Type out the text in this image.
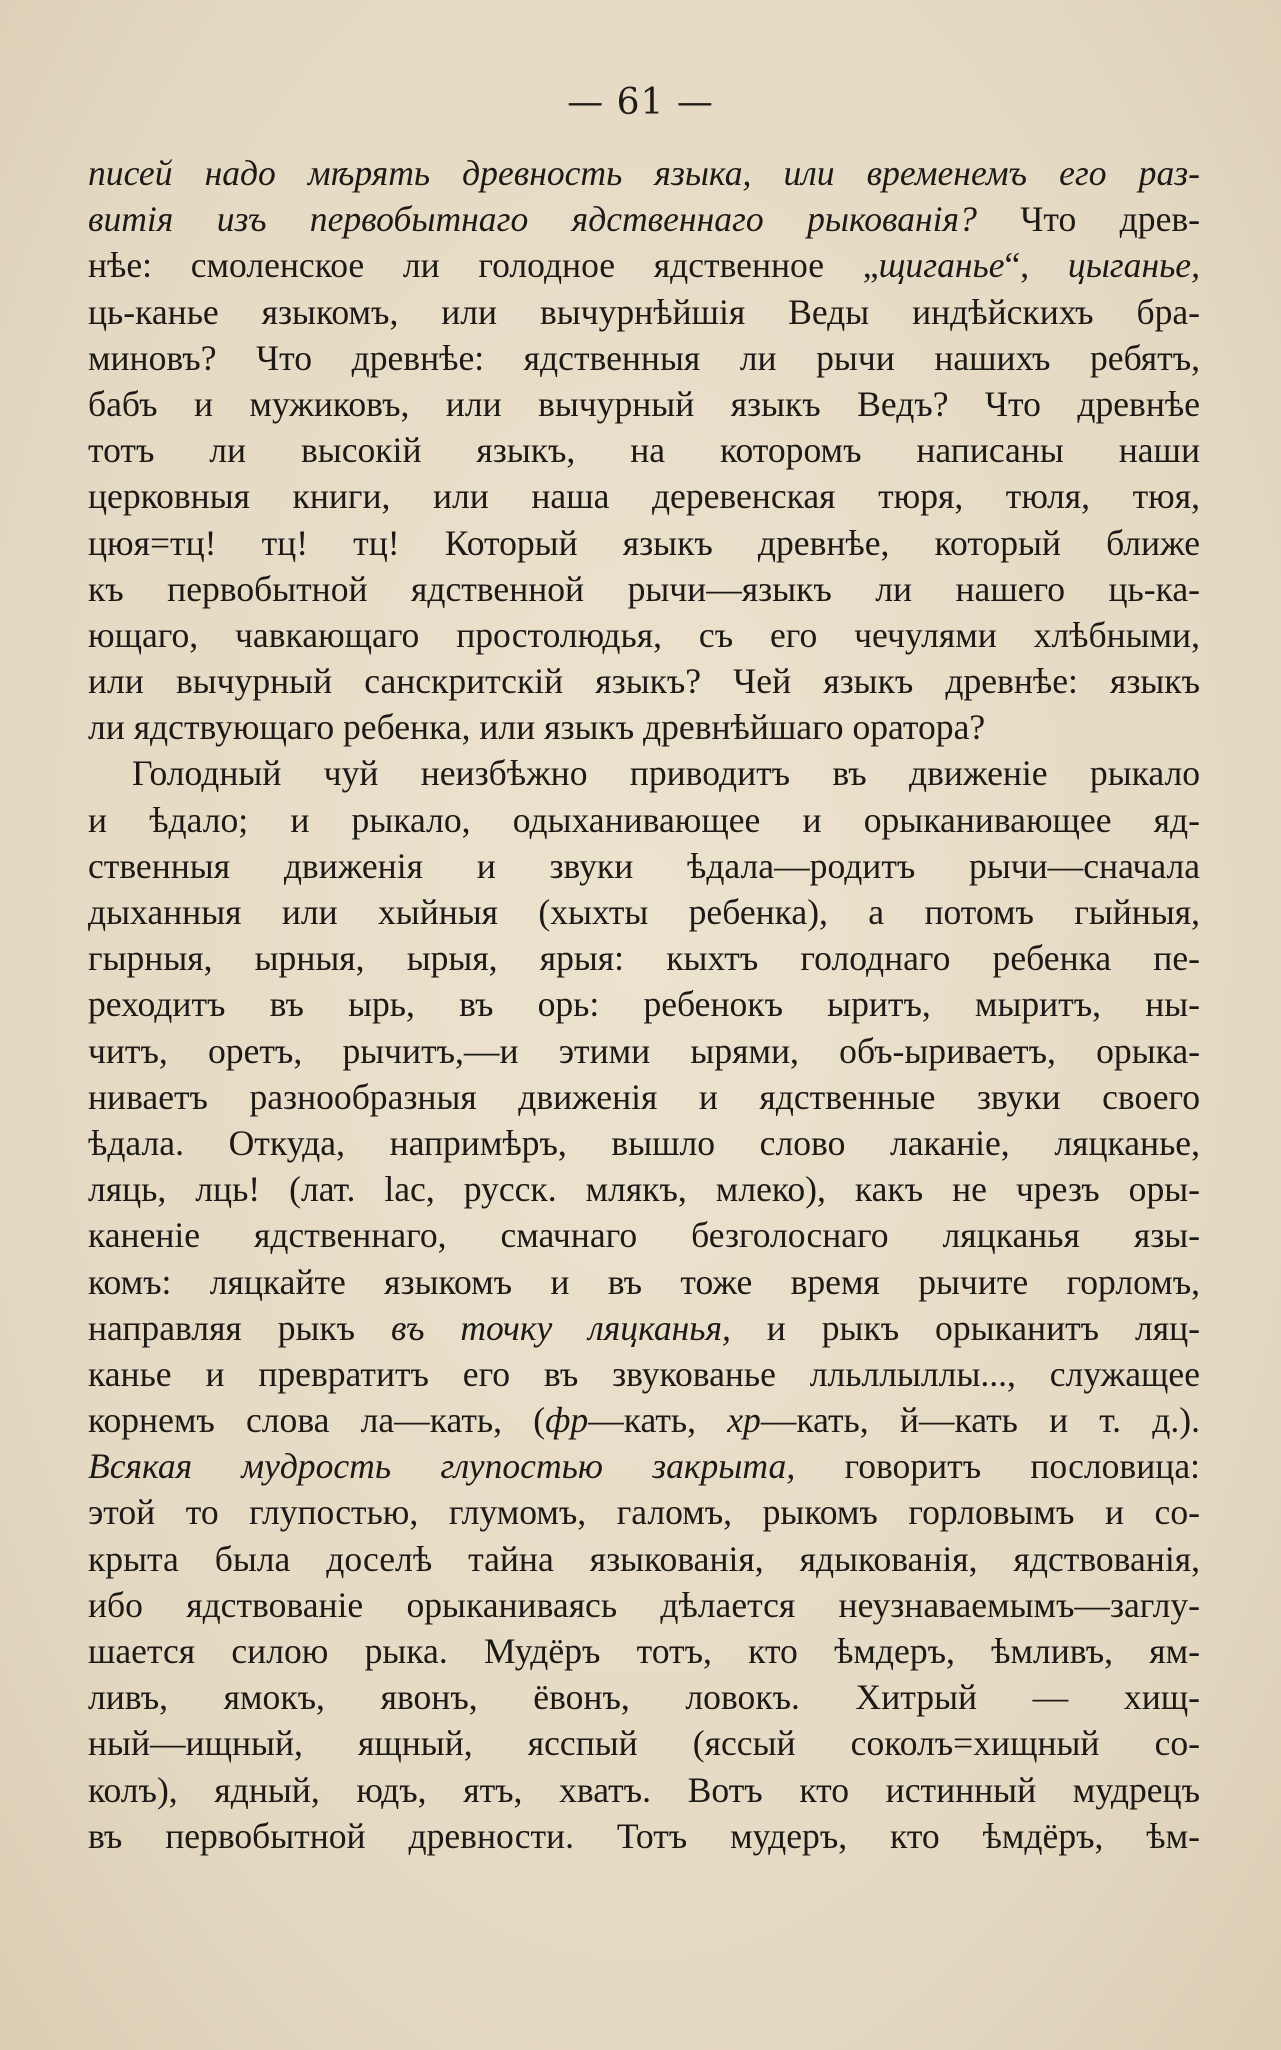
— 61 —
писей надо мѣрять древность языка, или временемъ его раз-
витія изъ первобытнаго ядственнаго рыкованія? Что древ-
нѣе: смоленское ли голодное ядственное „щиганье“, цыганье,
ць-канье языкомъ, или вычурнѣйшія Веды индѣйскихъ бра-
миновъ? Что древнѣе: ядственныя ли рычи нашихъ ребятъ,
бабъ и мужиковъ, или вычурный языкъ Ведъ? Что древнѣе
тотъ ли высокій языкъ, на которомъ написаны наши
церковныя книги, или наша деревенская тюря, тюля, тюя,
цюя=тц! тц! тц! Который языкъ древнѣе, который ближе
къ первобытной ядственной рычи—языкъ ли нашего ць-ка-
ющаго, чавкающаго простолюдья, съ его чечулями хлѣбными,
или вычурный санскритскій языкъ? Чей языкъ древнѣе: языкъ
ли ядствующаго ребенка, или языкъ древнѣйшаго оратора?
Голодный чуй неизбѣжно приводитъ въ движеніе рыкало
и ѣдало; и рыкало, одыханивающее и орыканивающее яд-
ственныя движенія и звуки ѣдала—родитъ рычи—сначала
дыханныя или хыйныя (хыхты ребенка), а потомъ гыйныя,
гырныя, ырныя, ырыя, ярыя: кыхтъ голоднаго ребенка пе-
реходитъ въ ырь, въ орь: ребенокъ ыритъ, мыритъ, ны-
читъ, оретъ, рычитъ,—и этими ырями, объ-ыриваетъ, орыка-
ниваетъ разнообразныя движенія и ядственные звуки своего
ѣдала. Откуда, напримѣръ, вышло слово лаканіе, ляцканье,
ляць, лць! (лат. lac, русск. млякъ, млеко), какъ не чрезъ оры-
каненіе ядственнаго, смачнаго безголоснаго ляцканья язы-
комъ: ляцкайте языкомъ и въ тоже время рычите горломъ,
направляя рыкъ въ точку ляцканья, и рыкъ орыканитъ ляц-
канье и превратитъ его въ звукованье лльллыллы..., служащее
корнемъ слова ла—кать, (фр—кать, хр—кать, й—кать и т. д.).
Всякая мудрость глупостью закрыта, говоритъ пословица:
этой то глупостью, глумомъ, галомъ, рыкомъ горловымъ и со-
крыта была доселѣ тайна языкованія, ядыкованія, ядствованія,
ибо ядствованіе орыканиваясь дѣлается неузнаваемымъ—заглу-
шается силою рыка. Мудёръ тотъ, кто ѣмдеръ, ѣмливъ, ям-
ливъ, ямокъ, явонъ, ёвонъ, ловокъ. Хитрый — хищ-
ный—ищный, ящный, ясспый (яссый соколъ=хищный со-
колъ), ядный, юдъ, ятъ, хватъ. Вотъ кто истинный мудрецъ
въ первобытной древности. Тотъ мудеръ, кто ѣмдёръ, ѣм-
